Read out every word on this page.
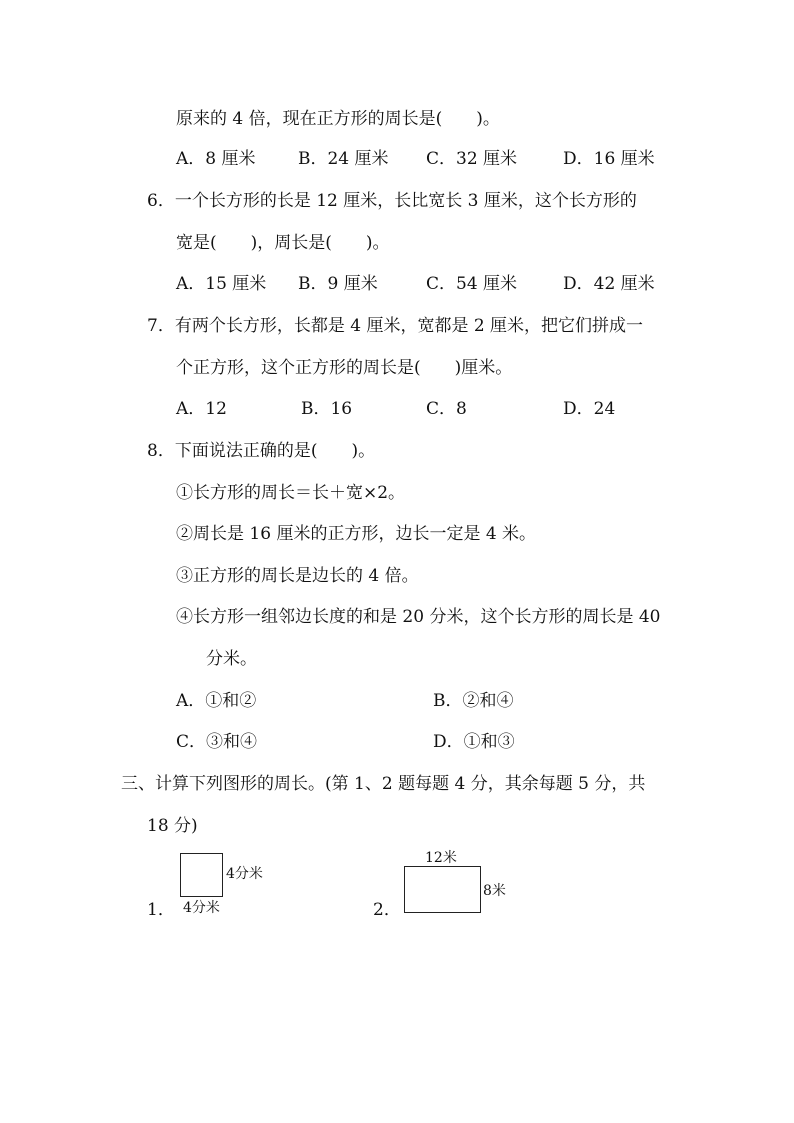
原来的 4 倍，现在正方形的周长是(　　)。
A．8 厘米	B．24 厘米 C．32 厘米	D．16 厘米
6．一个长方形的长是 12 厘米，长比宽长 3 厘米，这个长方形的
宽是(　　)，周长是(　　)。
A．15 厘米 B．9 厘米	C．54 厘米	D．42 厘米
7．有两个长方形，长都是 4 厘米，宽都是 2 厘米，把它们拼成一
个正方形，这个正方形的周长是(　　)厘米。
A．12	B．16	C．8	D．24
8．下面说法正确的是(　　)。
①长方形的周长＝长＋宽×2。
②周长是 16 厘米的正方形，边长一定是 4 米。
③正方形的周长是边长的 4 倍。
④长方形一组邻边长度的和是 20 分米，这个长方形的周长是 40
分米。
A．①和②	B．②和④
C．③和④	D．①和③
三、计算下列图形的周长。(第 1、2 题每题 4 分，其余每题 5 分，共
18 分)
1．
4分米
4分米	2．
12米
8米
